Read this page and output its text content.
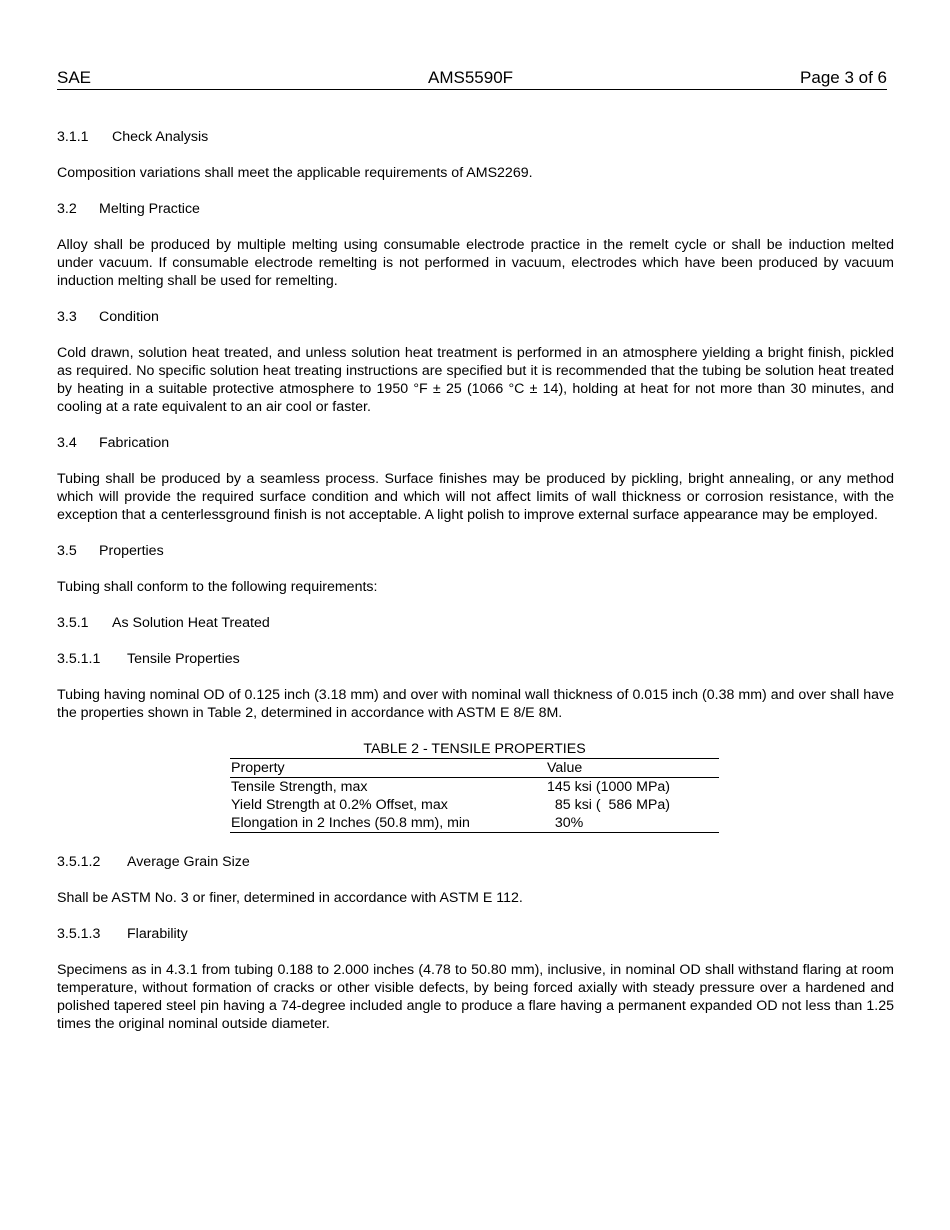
SAE	AMS5590F	Page 3 of 6
3.1.1 Check Analysis

Composition variations shall meet the applicable requirements of AMS2269.

3.2 Melting Practice

Alloy shall be produced by multiple melting using consumable electrode practice in the remelt cycle or shall be induction melted under vacuum. If consumable electrode remelting is not performed in vacuum, electrodes which have been produced by vacuum induction melting shall be used for remelting.

3.3 Condition

Cold drawn, solution heat treated, and unless solution heat treatment is performed in an atmosphere yielding a bright finish, pickled as required. No specific solution heat treating instructions are specified but it is recommended that the tubing be solution heat treated by heating in a suitable protective atmosphere to 1950 °F ± 25 (1066 °C ± 14), holding at heat for not more than 30 minutes, and cooling at a rate equivalent to an air cool or faster.

3.4 Fabrication

Tubing shall be produced by a seamless process. Surface finishes may be produced by pickling, bright annealing, or any method which will provide the required surface condition and which will not affect limits of wall thickness or corrosion resistance, with the exception that a centerlessground finish is not acceptable. A light polish to improve external surface appearance may be employed.

3.5 Properties

Tubing shall conform to the following requirements:

3.5.1 As Solution Heat Treated
3.5.1.1 Tensile Properties

Tubing having nominal OD of 0.125 inch (3.18 mm) and over with nominal wall thickness of 0.015 inch (0.38 mm) and over shall have the properties shown in Table 2, determined in accordance with ASTM E 8/E 8M.

TABLE 2 - TENSILE PROPERTIES
Property	Value
Tensile Strength, max	145 ksi (1000 MPa)
Yield Strength at 0.2% Offset, max	85 ksi (  586 MPa)
Elongation in 2 Inches (50.8 mm), min	30%
3.5.1.2 Average Grain Size

Shall be ASTM No. 3 or finer, determined in accordance with ASTM E 112.

3.5.1.3 Flarability

Specimens as in 4.3.1 from tubing 0.188 to 2.000 inches (4.78 to 50.80 mm), inclusive, in nominal OD shall withstand flaring at room temperature, without formation of cracks or other visible defects, by being forced axially with steady pressure over a hardened and polished tapered steel pin having a 74-degree included angle to produce a flare having a permanent expanded OD not less than 1.25 times the original nominal outside diameter.
